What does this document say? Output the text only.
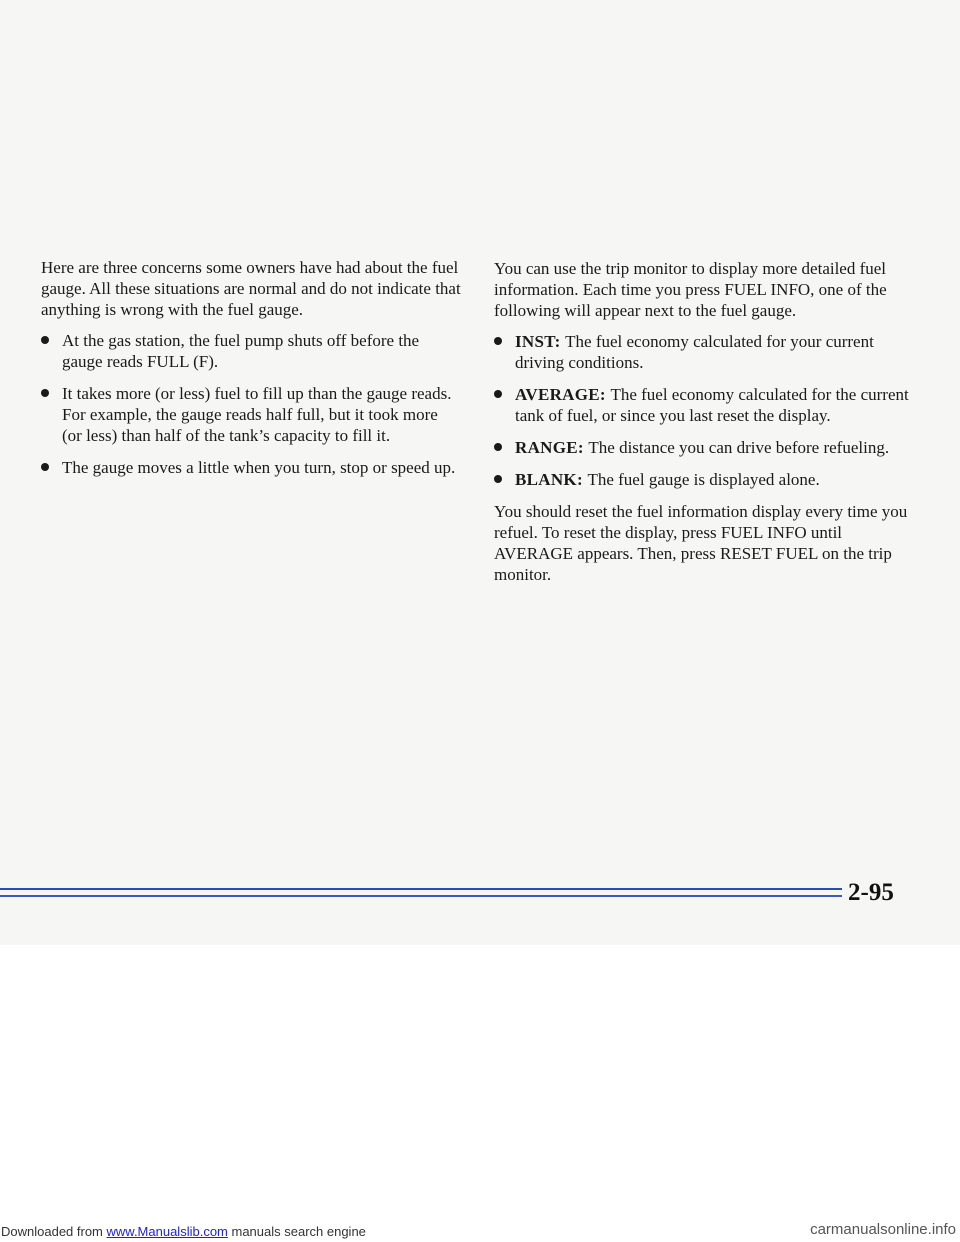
Here are three concerns some owners have had about the fuel gauge. All these situations are normal and do not indicate that anything is wrong with the fuel gauge.

At the gas station, the fuel pump shuts off before the gauge reads FULL (F).
It takes more (or less) fuel to fill up than the gauge reads. For example, the gauge reads half full, but it took more (or less) than half of the tank’s capacity to fill it.
The gauge moves a little when you turn, stop or speed up.

You can use the trip monitor to display more detailed fuel information. Each time you press FUEL INFO, one of the following will appear next to the fuel gauge.

INST: The fuel economy calculated for your current driving conditions.
AVERAGE: The fuel economy calculated for the current tank of fuel, or since you last reset the display.
RANGE: The distance you can drive before refueling.
BLANK: The fuel gauge is displayed alone.

You should reset the fuel information display every time you refuel. To reset the display, press FUEL INFO until AVERAGE appears. Then, press RESET FUEL on the trip monitor.

2-95
Downloaded from www.Manualslib.com manuals search engine	carmanualsonline.info
